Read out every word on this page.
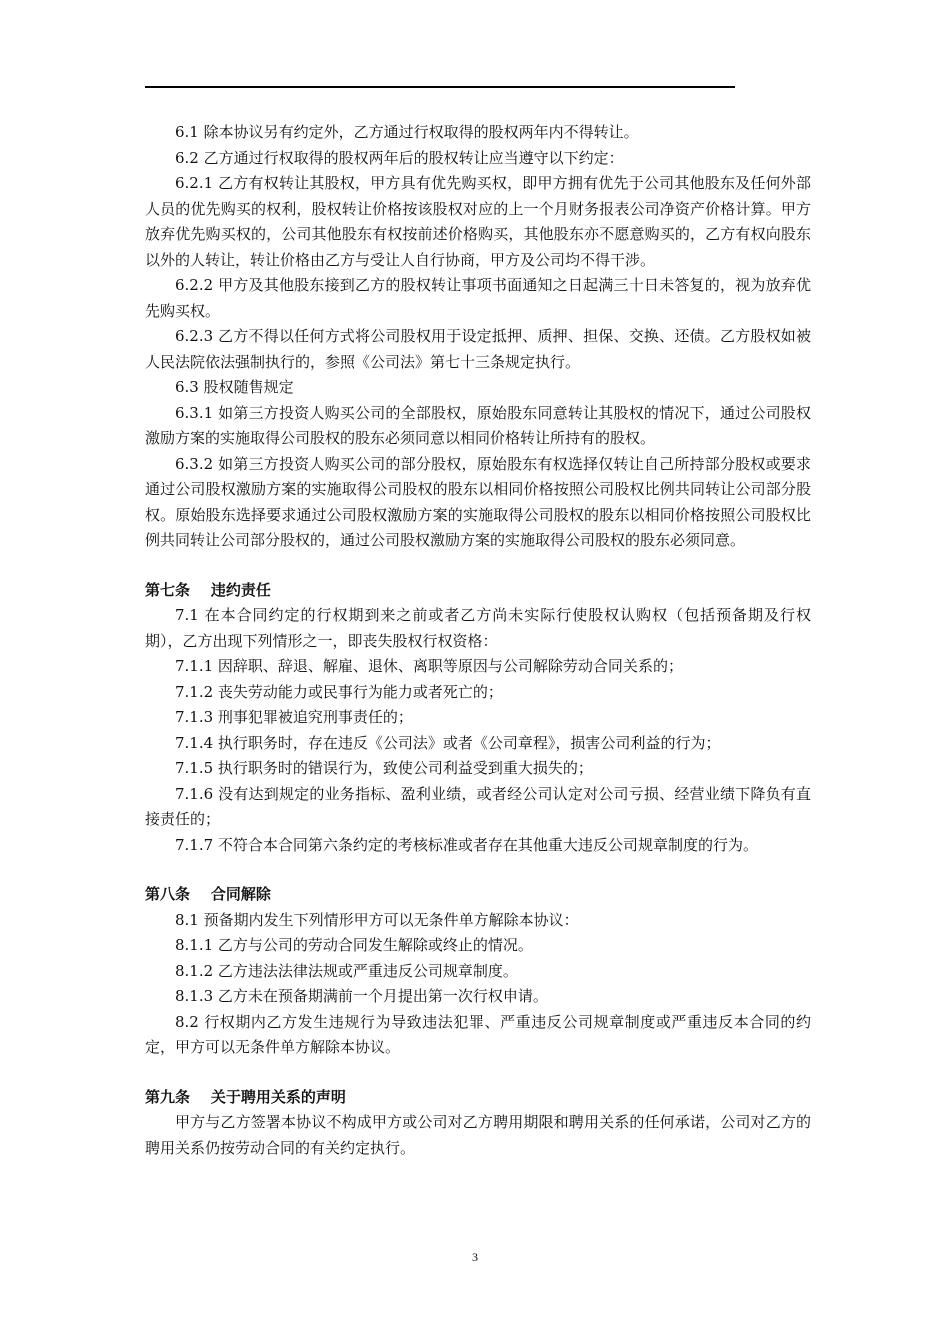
6.1 除本协议另有约定外，乙方通过行权取得的股权两年内不得转让。

6.2 乙方通过行权取得的股权两年后的股权转让应当遵守以下约定：

6.2.1 乙方有权转让其股权，甲方具有优先购买权，即甲方拥有优先于公司其他股东及任何外部人员的优先购买的权利，股权转让价格按该股权对应的上一个月财务报表公司净资产价格计算。甲方放弃优先购买权的，公司其他股东有权按前述价格购买，其他股东亦不愿意购买的，乙方有权向股东以外的人转让，转让价格由乙方与受让人自行协商，甲方及公司均不得干涉。

6.2.2 甲方及其他股东接到乙方的股权转让事项书面通知之日起满三十日未答复的，视为放弃优先购买权。

6.2.3 乙方不得以任何方式将公司股权用于设定抵押、质押、担保、交换、还债。乙方股权如被人民法院依法强制执行的，参照《公司法》第七十三条规定执行。

6.3 股权随售规定

6.3.1 如第三方投资人购买公司的全部股权，原始股东同意转让其股权的情况下，通过公司股权激励方案的实施取得公司股权的股东必须同意以相同价格转让所持有的股权。

6.3.2 如第三方投资人购买公司的部分股权，原始股东有权选择仅转让自己所持部分股权或要求通过公司股权激励方案的实施取得公司股权的股东以相同价格按照公司股权比例共同转让公司部分股权。原始股东选择要求通过公司股权激励方案的实施取得公司股权的股东以相同价格按照公司股权比例共同转让公司部分股权的，通过公司股权激励方案的实施取得公司股权的股东必须同意。

第七条    违约责任

7.1 在本合同约定的行权期到来之前或者乙方尚未实际行使股权认购权（包括预备期及行权期），乙方出现下列情形之一，即丧失股权行权资格：

7.1.1 因辞职、辞退、解雇、退休、离职等原因与公司解除劳动合同关系的；

7.1.2 丧失劳动能力或民事行为能力或者死亡的；

7.1.3 刑事犯罪被追究刑事责任的；

7.1.4 执行职务时，存在违反《公司法》或者《公司章程》，损害公司利益的行为；

7.1.5 执行职务时的错误行为，致使公司利益受到重大损失的；

7.1.6 没有达到规定的业务指标、盈利业绩，或者经公司认定对公司亏损、经营业绩下降负有直接责任的；

7.1.7 不符合本合同第六条约定的考核标准或者存在其他重大违反公司规章制度的行为。

第八条    合同解除

8.1 预备期内发生下列情形甲方可以无条件单方解除本协议：

8.1.1 乙方与公司的劳动合同发生解除或终止的情况。

8.1.2 乙方违法法律法规或严重违反公司规章制度。

8.1.3 乙方未在预备期满前一个月提出第一次行权申请。

8.2 行权期内乙方发生违规行为导致违法犯罪、严重违反公司规章制度或严重违反本合同的约定，甲方可以无条件单方解除本协议。

第九条    关于聘用关系的声明

甲方与乙方签署本协议不构成甲方或公司对乙方聘用期限和聘用关系的任何承诺，公司对乙方的聘用关系仍按劳动合同的有关约定执行。

3
